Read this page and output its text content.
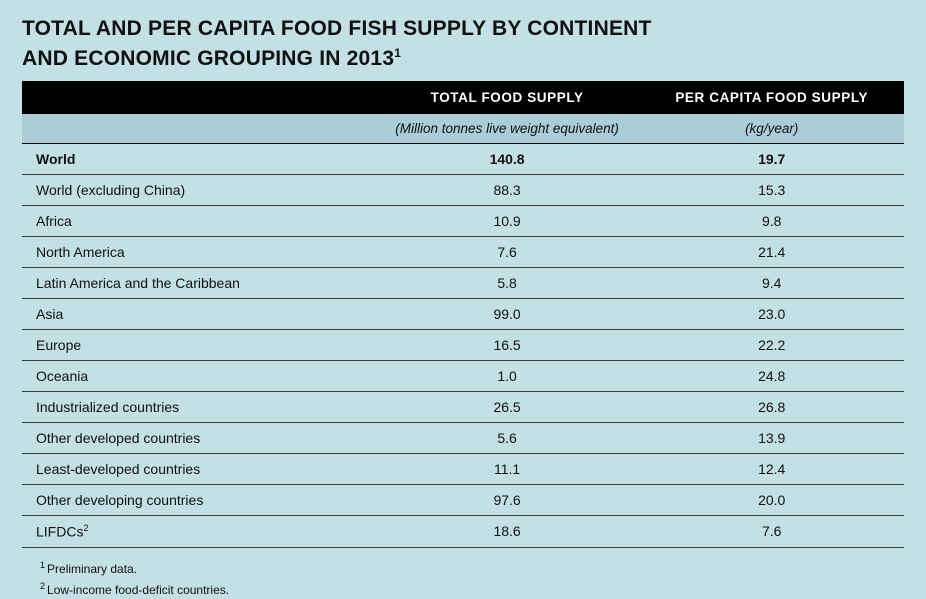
TOTAL AND PER CAPITA FOOD FISH SUPPLY BY CONTINENT
AND ECONOMIC GROUPING IN 2013$^1$
	TOTAL FOOD SUPPLY	PER CAPITA FOOD SUPPLY
	(Million tonnes live weight equivalent)	(kg/year)
World	140.8	19.7
World (excluding China)	88.3	15.3
Africa	10.9	9.8
North America	7.6	21.4
Latin America and the Caribbean	5.8	9.4
Asia	99.0	23.0
Europe	16.5	22.2
Oceania	1.0	24.8
Industrialized countries	26.5	26.8
Other developed countries	5.6	13.9
Least-developed countries	11.1	12.4
Other developing countries	97.6	20.0
LIFDCs$^2$	18.6	7.6
$^1$ Preliminary data.
$^2$ Low-income food-deficit countries.
